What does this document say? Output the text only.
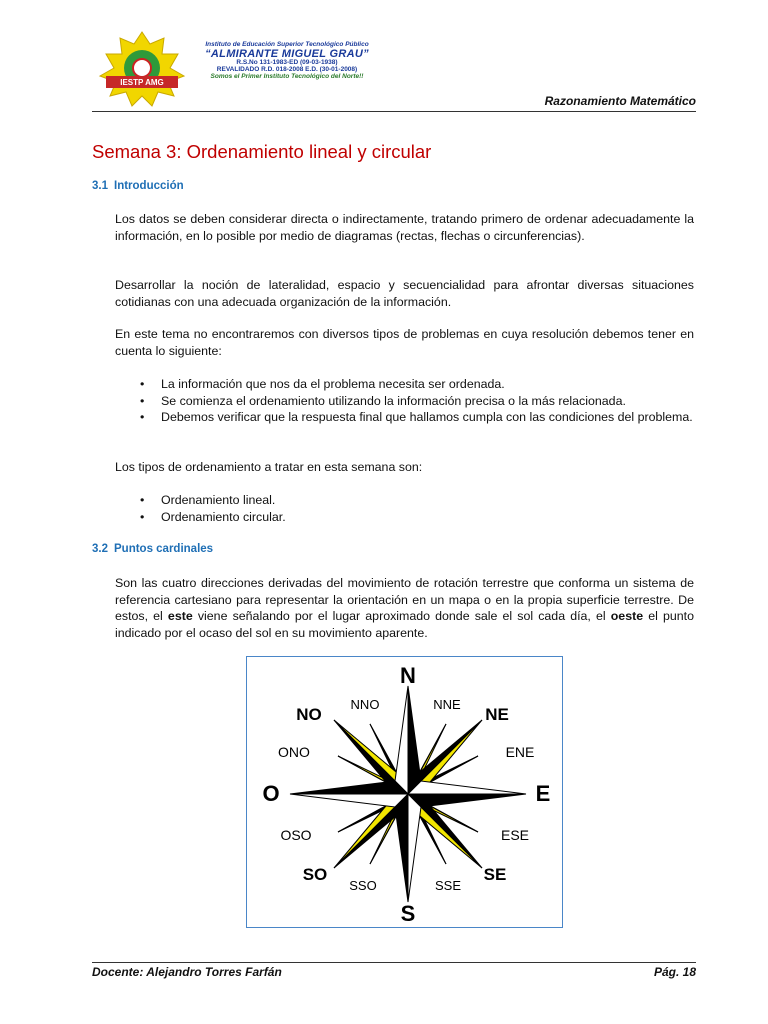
IESTP AMG
Instituto de Educación Superior Tecnológico Público
“ALMIRANTE MIGUEL GRAU”
R.S.No 131-1983-ED (09-03-1938)
REVALIDADO R.D. 018-2008 E.D. (30-01-2008)
Somos el Primer Instituto Tecnológico del Norte!!
Razonamiento Matemático
Semana 3: Ordenamiento lineal y circular
3.1 Introducción
Los datos se deben considerar directa o indirectamente, tratando primero de ordenar adecuadamente la información, en lo posible por medio de diagramas (rectas, flechas o circunferencias).
Desarrollar la noción de lateralidad, espacio y secuencialidad para afrontar diversas situaciones cotidianas con una adecuada organización de la información.
En este tema no encontraremos con diversos tipos de problemas en cuya resolución debemos tener en cuenta lo siguiente:
• La información que nos da el problema necesita ser ordenada.
• Se comienza el ordenamiento utilizando la información precisa o la más relacionada.
• Debemos verificar que la respuesta final que hallamos cumpla con las condiciones del problema.
Los tipos de ordenamiento a tratar en esta semana son:
• Ordenamiento lineal.
• Ordenamiento circular.
3.2 Puntos cardinales
Son las cuatro direcciones derivadas del movimiento de rotación terrestre que conforma un sistema de referencia cartesiano para representar la orientación en un mapa o en la propia superficie terrestre. De estos, el este viene señalando por el lugar aproximado donde sale el sol cada día, el oeste el punto indicado por el ocaso del sol en su movimiento aparente.
N
S
E
O
NO	NE
SO	SE
NNO	NNE
ONO	ENE
OSO	ESE
SSO	SSE
Docente: Alejandro Torres Farfán	Pág. 18
